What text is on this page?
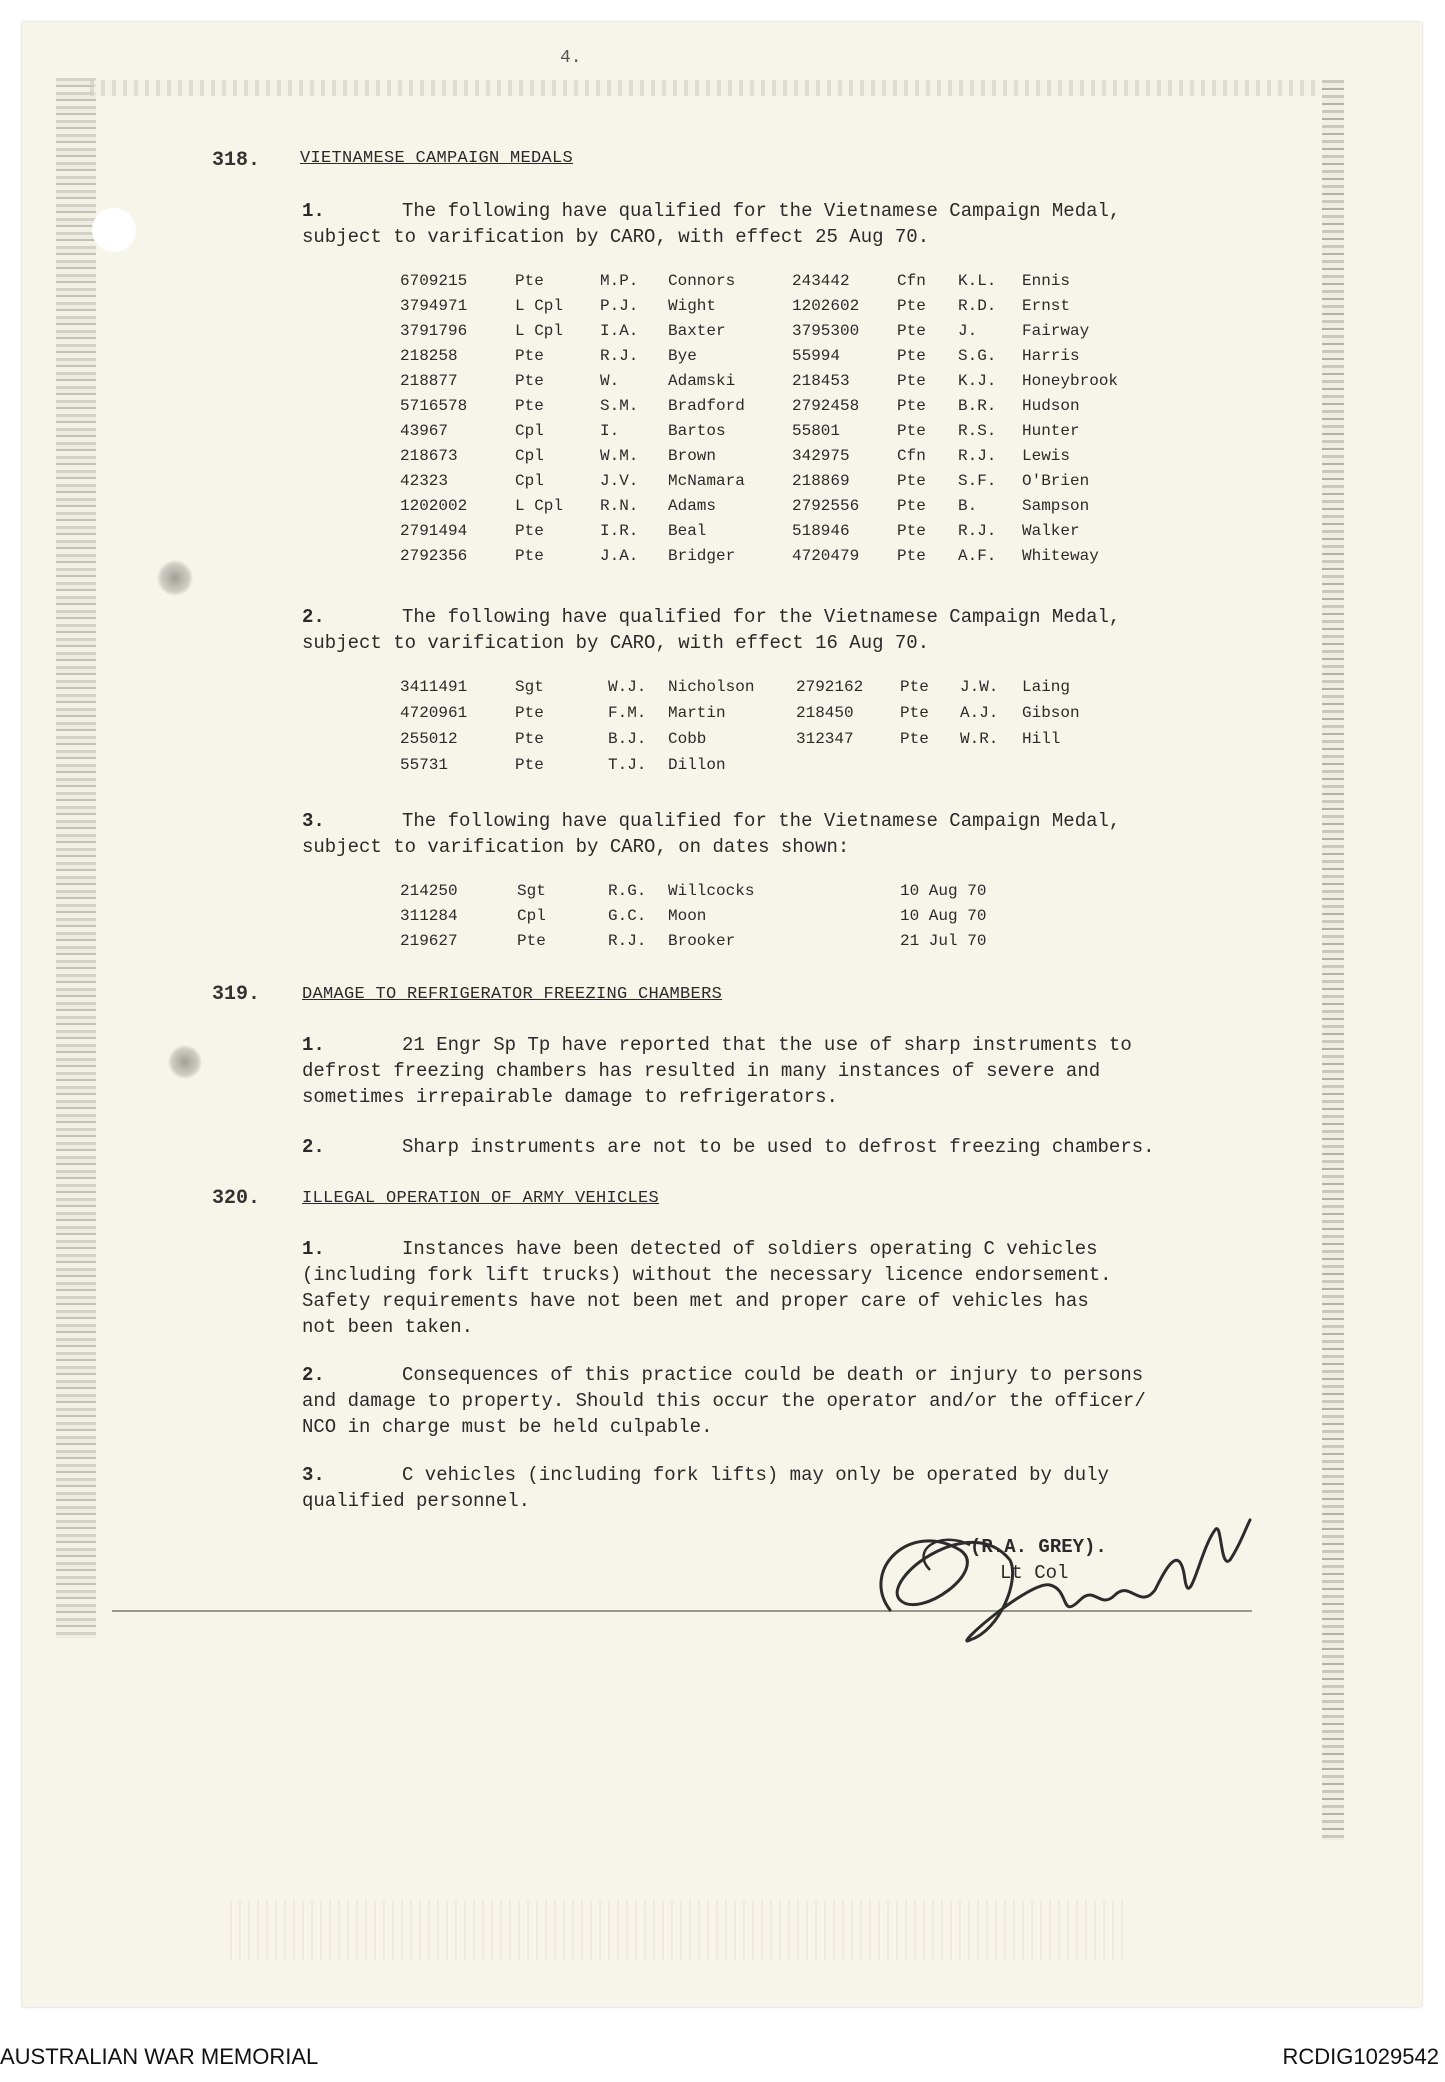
4.
318. VIETNAMESE CAMPAIGN MEDALS
1.	The following have qualified for the Vietnamese Campaign Medal,
subject to varification by CARO, with effect 25 Aug 70.
6709215	Pte	M.P. Connors	243442	Cfn K.L. Ennis
3794971	L Cpl P.J. Wight	1202602 Pte R.D. Ernst
3791796	L Cpl I.A. Baxter	3795300 Pte J.	Fairway
218258	Pte	R.J. Bye	55994	Pte S.G. Harris
218877	Pte	W.	Adamski	218453	Pte K.J. Honeybrook
5716578	Pte	S.M. Bradford	2792458 Pte B.R. Hudson
43967	Cpl	I.	Bartos	55801	Pte R.S. Hunter
218673	Cpl	W.M. Brown	342975	Cfn R.J. Lewis
42323	Cpl	J.V. McNamara	218869	Pte S.F. O'Brien
1202002	L Cpl R.N. Adams	2792556 Pte B.	Sampson
2791494	Pte	I.R. Beal	518946	Pte R.J. Walker
2792356	Pte	J.A. Bridger	4720479 Pte A.F. Whiteway
2.	The following have qualified for the Vietnamese Campaign Medal,
subject to varification by CARO, with effect 16 Aug 70.
3411491	Sgt	W.J. Nicholson	2792162 Pte J.W. Laing
4720961	Pte	F.M. Martin	218450	Pte A.J. Gibson
255012	Pte	B.J. Cobb	312347	Pte W.R. Hill
55731	Pte	T.J. Dillon
3.	The following have qualified for the Vietnamese Campaign Medal,
subject to varification by CARO, on dates shown:
214250	Sgt	R.G. Willcocks	10 Aug 70
311284	Cpl	G.C. Moon	10 Aug 70
219627	Pte	R.J. Brooker	21 Jul 70
319. DAMAGE TO REFRIGERATOR FREEZING CHAMBERS
1.	21 Engr Sp Tp have reported that the use of sharp instruments to
defrost freezing chambers has resulted in many instances of severe and
sometimes irrepairable damage to refrigerators.
2.	Sharp instruments are not to be used to defrost freezing chambers.
320. ILLEGAL OPERATION OF ARMY VEHICLES
1.	Instances have been detected of soldiers operating C vehicles
(including fork lift trucks) without the necessary licence endorsement.
Safety requirements have not been met and proper care of vehicles has
not been taken.
2.	Consequences of this practice could be death or injury to persons
and damage to property. Should this occur the operator and/or the officer/
NCO in charge must be held culpable.
3.	C vehicles (including fork lifts) may only be operated by duly
qualified personnel.
(R.A. GREY).
Lt Col
AUSTRALIAN WAR MEMORIAL	RCDIG1029542
